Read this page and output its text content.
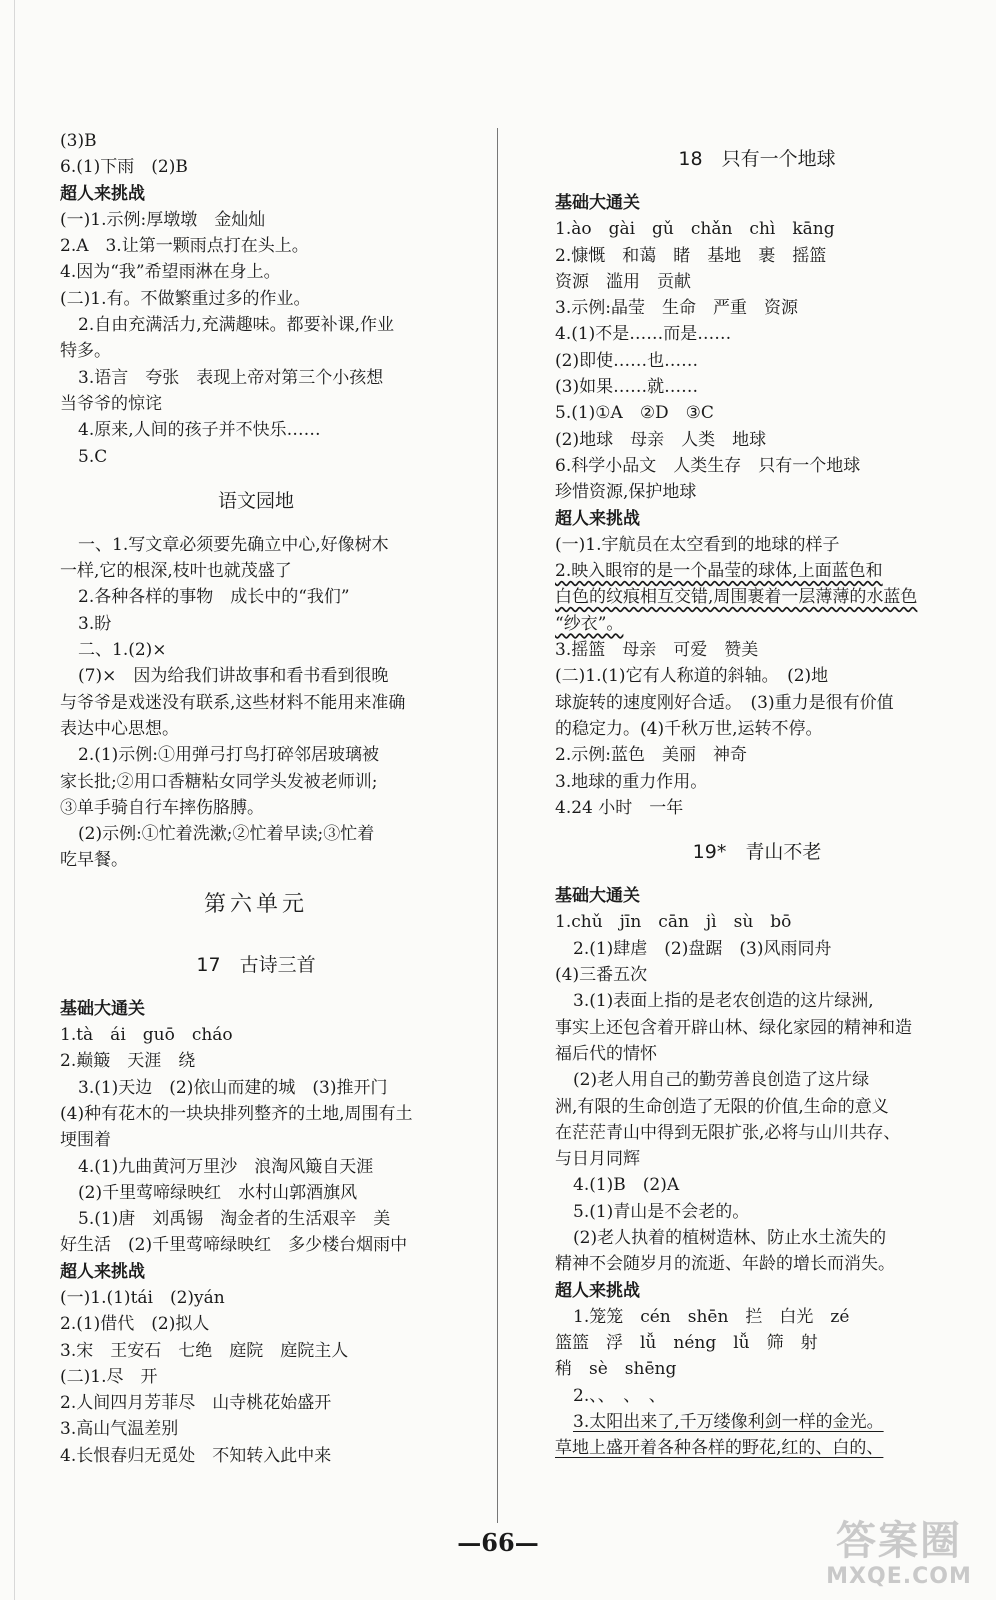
(3)B
6.(1)下雨　(2)B
超人来挑战
(一)1.示例:厚墩墩　金灿灿
2.A　3.让第一颗雨点打在头上。
4.因为“我”希望雨淋在身上。
(二)1.有。不做繁重过多的作业。
2.自由充满活力,充满趣味。都要补课,作业
特多。
3.语言　夸张　表现上帝对第三个小孩想
当爷爷的惊诧
4.原来,人间的孩子并不快乐……
5.C
语文园地
一、1.写文章必须要先确立中心,好像树木
一样,它的根深,枝叶也就茂盛了
2.各种各样的事物　成长中的“我们”
3.盼
二、1.(2)×
(7)×　因为给我们讲故事和看书看到很晚
与爷爷是戏迷没有联系,这些材料不能用来准确
表达中心思想。
2.(1)示例:①用弹弓打鸟打碎邻居玻璃被
家长批;②用口香糖粘女同学头发被老师训;
③单手骑自行车摔伤胳膊。
(2)示例:①忙着洗漱;②忙着早读;③忙着
吃早餐。
第六单元
17　古诗三首
基础大通关
1.tà　ái　guō　cháo
2.巅簸　天涯　绕
3.(1)天边　(2)依山而建的城　(3)推开门
(4)种有花木的一块块排列整齐的土地,周围有土
埂围着
4.(1)九曲黄河万里沙　浪淘风簸自天涯
(2)千里莺啼绿映红　水村山郭酒旗风
5.(1)唐　刘禹锡　淘金者的生活艰辛　美
好生活　(2)千里莺啼绿映红　多少楼台烟雨中
超人来挑战
(一)1.(1)tái　(2)yán
2.(1)借代　(2)拟人
3.宋　王安石　七绝　庭院　庭院主人
(二)1.尽　开
2.人间四月芳菲尽　山寺桃花始盛开
3.高山气温差别
4.长恨春归无觅处　不知转入此中来
18　只有一个地球
基础大通关
1.ào　gài　gǔ　chǎn　chì　kāng
2.慷慨　和蔼　睹　基地　裹　摇篮
资源　滥用　贡献
3.示例:晶莹　生命　严重　资源
4.(1)不是……而是……
(2)即使……也……
(3)如果……就……
5.(1)①A　②D　③C
(2)地球　母亲　人类　地球
6.科学小品文　人类生存　只有一个地球
珍惜资源,保护地球
超人来挑战
(一)1.宇航员在太空看到的地球的样子
2.映入眼帘的是一个晶莹的球体,上面蓝色和
白色的纹痕相互交错,周围裹着一层薄薄的水蓝色
“纱衣”。
3.摇篮　母亲　可爱　赞美
(二)1.(1)它有人称道的斜轴。　(2)地
球旋转的速度刚好合适。　(3)重力是很有价值
的稳定力。(4)千秋万世,运转不停。
2.示例:蓝色　美丽　神奇
3.地球的重力作用。
4.24 小时　一年
19*　青山不老
基础大通关
1.chǔ　jīn　cān　jì　sù　bō
2.(1)肆虐　(2)盘踞　(3)风雨同舟
(4)三番五次
3.(1)表面上指的是老农创造的这片绿洲,
事实上还包含着开辟山林、绿化家园的精神和造
福后代的情怀
(2)老人用自己的勤劳善良创造了这片绿
洲,有限的生命创造了无限的价值,生命的意义
在茫茫青山中得到无限扩张,必将与山川共存、
与日月同辉
4.(1)B　(2)A
5.(1)青山是不会老的。
(2)老人执着的植树造林、防止水土流失的
精神不会随岁月的流逝、年龄的增长而消失。
超人来挑战
1.笼笼　cén　shēn　拦　白光　zé
篮篮　浮　lǚ　néng　lǚ　筛　射
稍　sè　shēng
2.、、　、　、
3.太阳出来了,千万缕像利剑一样的金光。
草地上盛开着各种各样的野花,红的、白的、
—66—	答案圈
MXQE.COM
